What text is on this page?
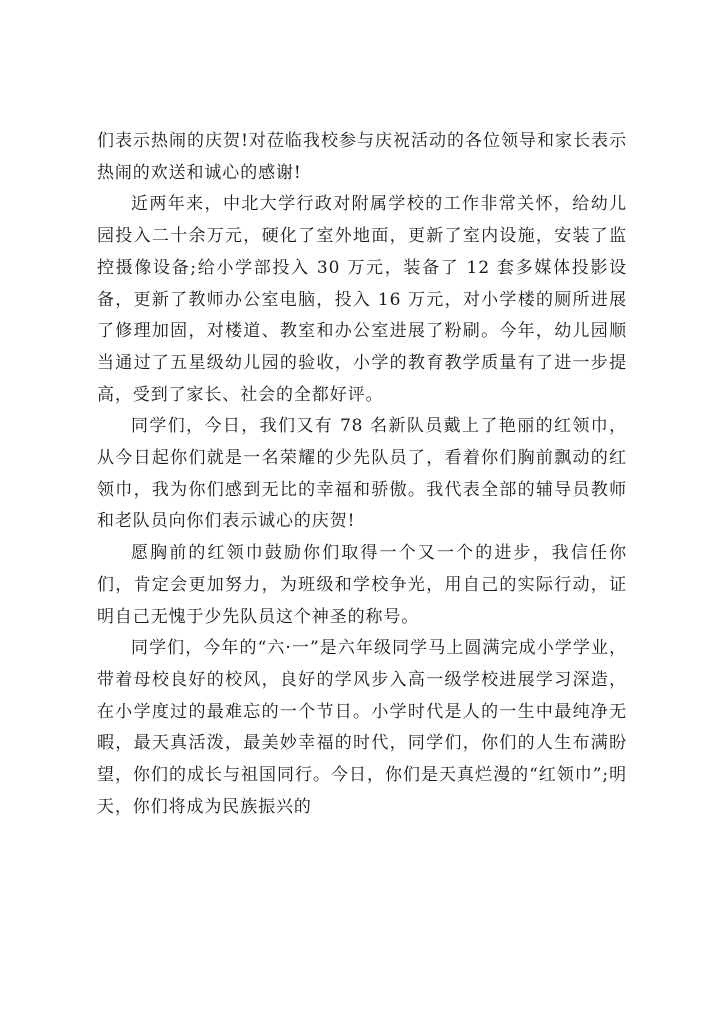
们表示热闹的庆贺!对莅临我校参与庆祝活动的各位领导和家长表示热闹的欢送和诚心的感谢!

近两年来，中北大学行政对附属学校的工作非常关怀，给幼儿园投入二十余万元，硬化了室外地面，更新了室内设施，安装了监控摄像设备;给小学部投入 30 万元，装备了 12 套多媒体投影设备，更新了教师办公室电脑，投入 16 万元，对小学楼的厕所进展了修理加固，对楼道、教室和办公室进展了粉刷。今年，幼儿园顺当通过了五星级幼儿园的验收，小学的教育教学质量有了进一步提高，受到了家长、社会的全都好评。

同学们，今日，我们又有 78 名新队员戴上了艳丽的红领巾，从今日起你们就是一名荣耀的少先队员了，看着你们胸前飘动的红领巾，我为你们感到无比的幸福和骄傲。我代表全部的辅导员教师和老队员向你们表示诚心的庆贺!

愿胸前的红领巾鼓励你们取得一个又一个的进步，我信任你们，肯定会更加努力，为班级和学校争光，用自己的实际行动，证明自己无愧于少先队员这个神圣的称号。

同学们，今年的“六·一”是六年级同学马上圆满完成小学学业，带着母校良好的校风，良好的学风步入高一级学校进展学习深造，在小学度过的最难忘的一个节日。小学时代是人的一生中最纯净无暇，最天真活泼，最美妙幸福的时代，同学们，你们的人生布满盼望，你们的成长与祖国同行。今日，你们是天真烂漫的“红领巾”;明天，你们将成为民族振兴的
